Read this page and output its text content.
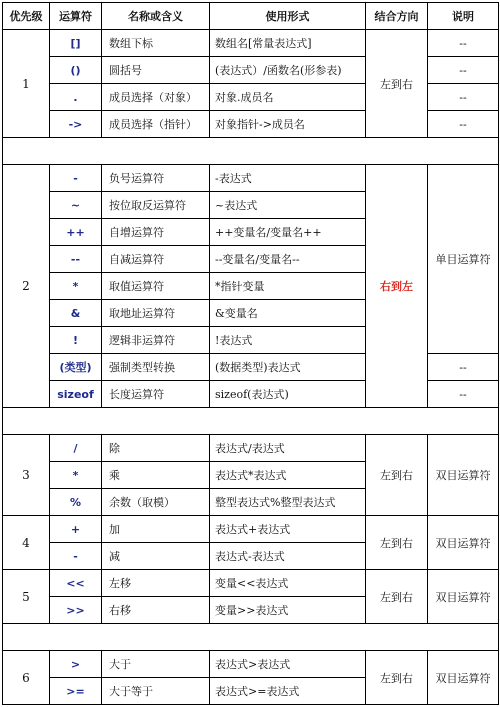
优先级	运算符	名称或含义	使用形式	结合方向	说明
1	[]	数组下标	数组名[常量表达式]	左到右	--
	()	圆括号	(表达式）/函数名(形参表)		--
	.	成员选择（对象）	对象.成员名		--
	->	成员选择（指针）	对象指针->成员名		--

2	-	负号运算符	-表达式	右到左	单目运算符
	~	按位取反运算符	~表达式		
	++	自增运算符	++变量名/变量名++		
	--	自减运算符	--变量名/变量名--		
	*	取值运算符	*指针变量		
	&	取地址运算符	&变量名		
	!	逻辑非运算符	!表达式		
	(类型)	强制类型转换	(数据类型)表达式		--
	sizeof	长度运算符	sizeof(表达式)		--

3	/	除	表达式/表达式	左到右	双目运算符
	*	乘	表达式*表达式		
	%	余数（取模）	整型表达式%整型表达式		
4	+	加	表达式+表达式	左到右	双目运算符
	-	减	表达式-表达式		
5	<<	左移	变量<<表达式	左到右	双目运算符
	>>	右移	变量>>表达式		

6	>	大于	表达式>表达式	左到右	双目运算符
	>=	大于等于	表达式>=表达式		
